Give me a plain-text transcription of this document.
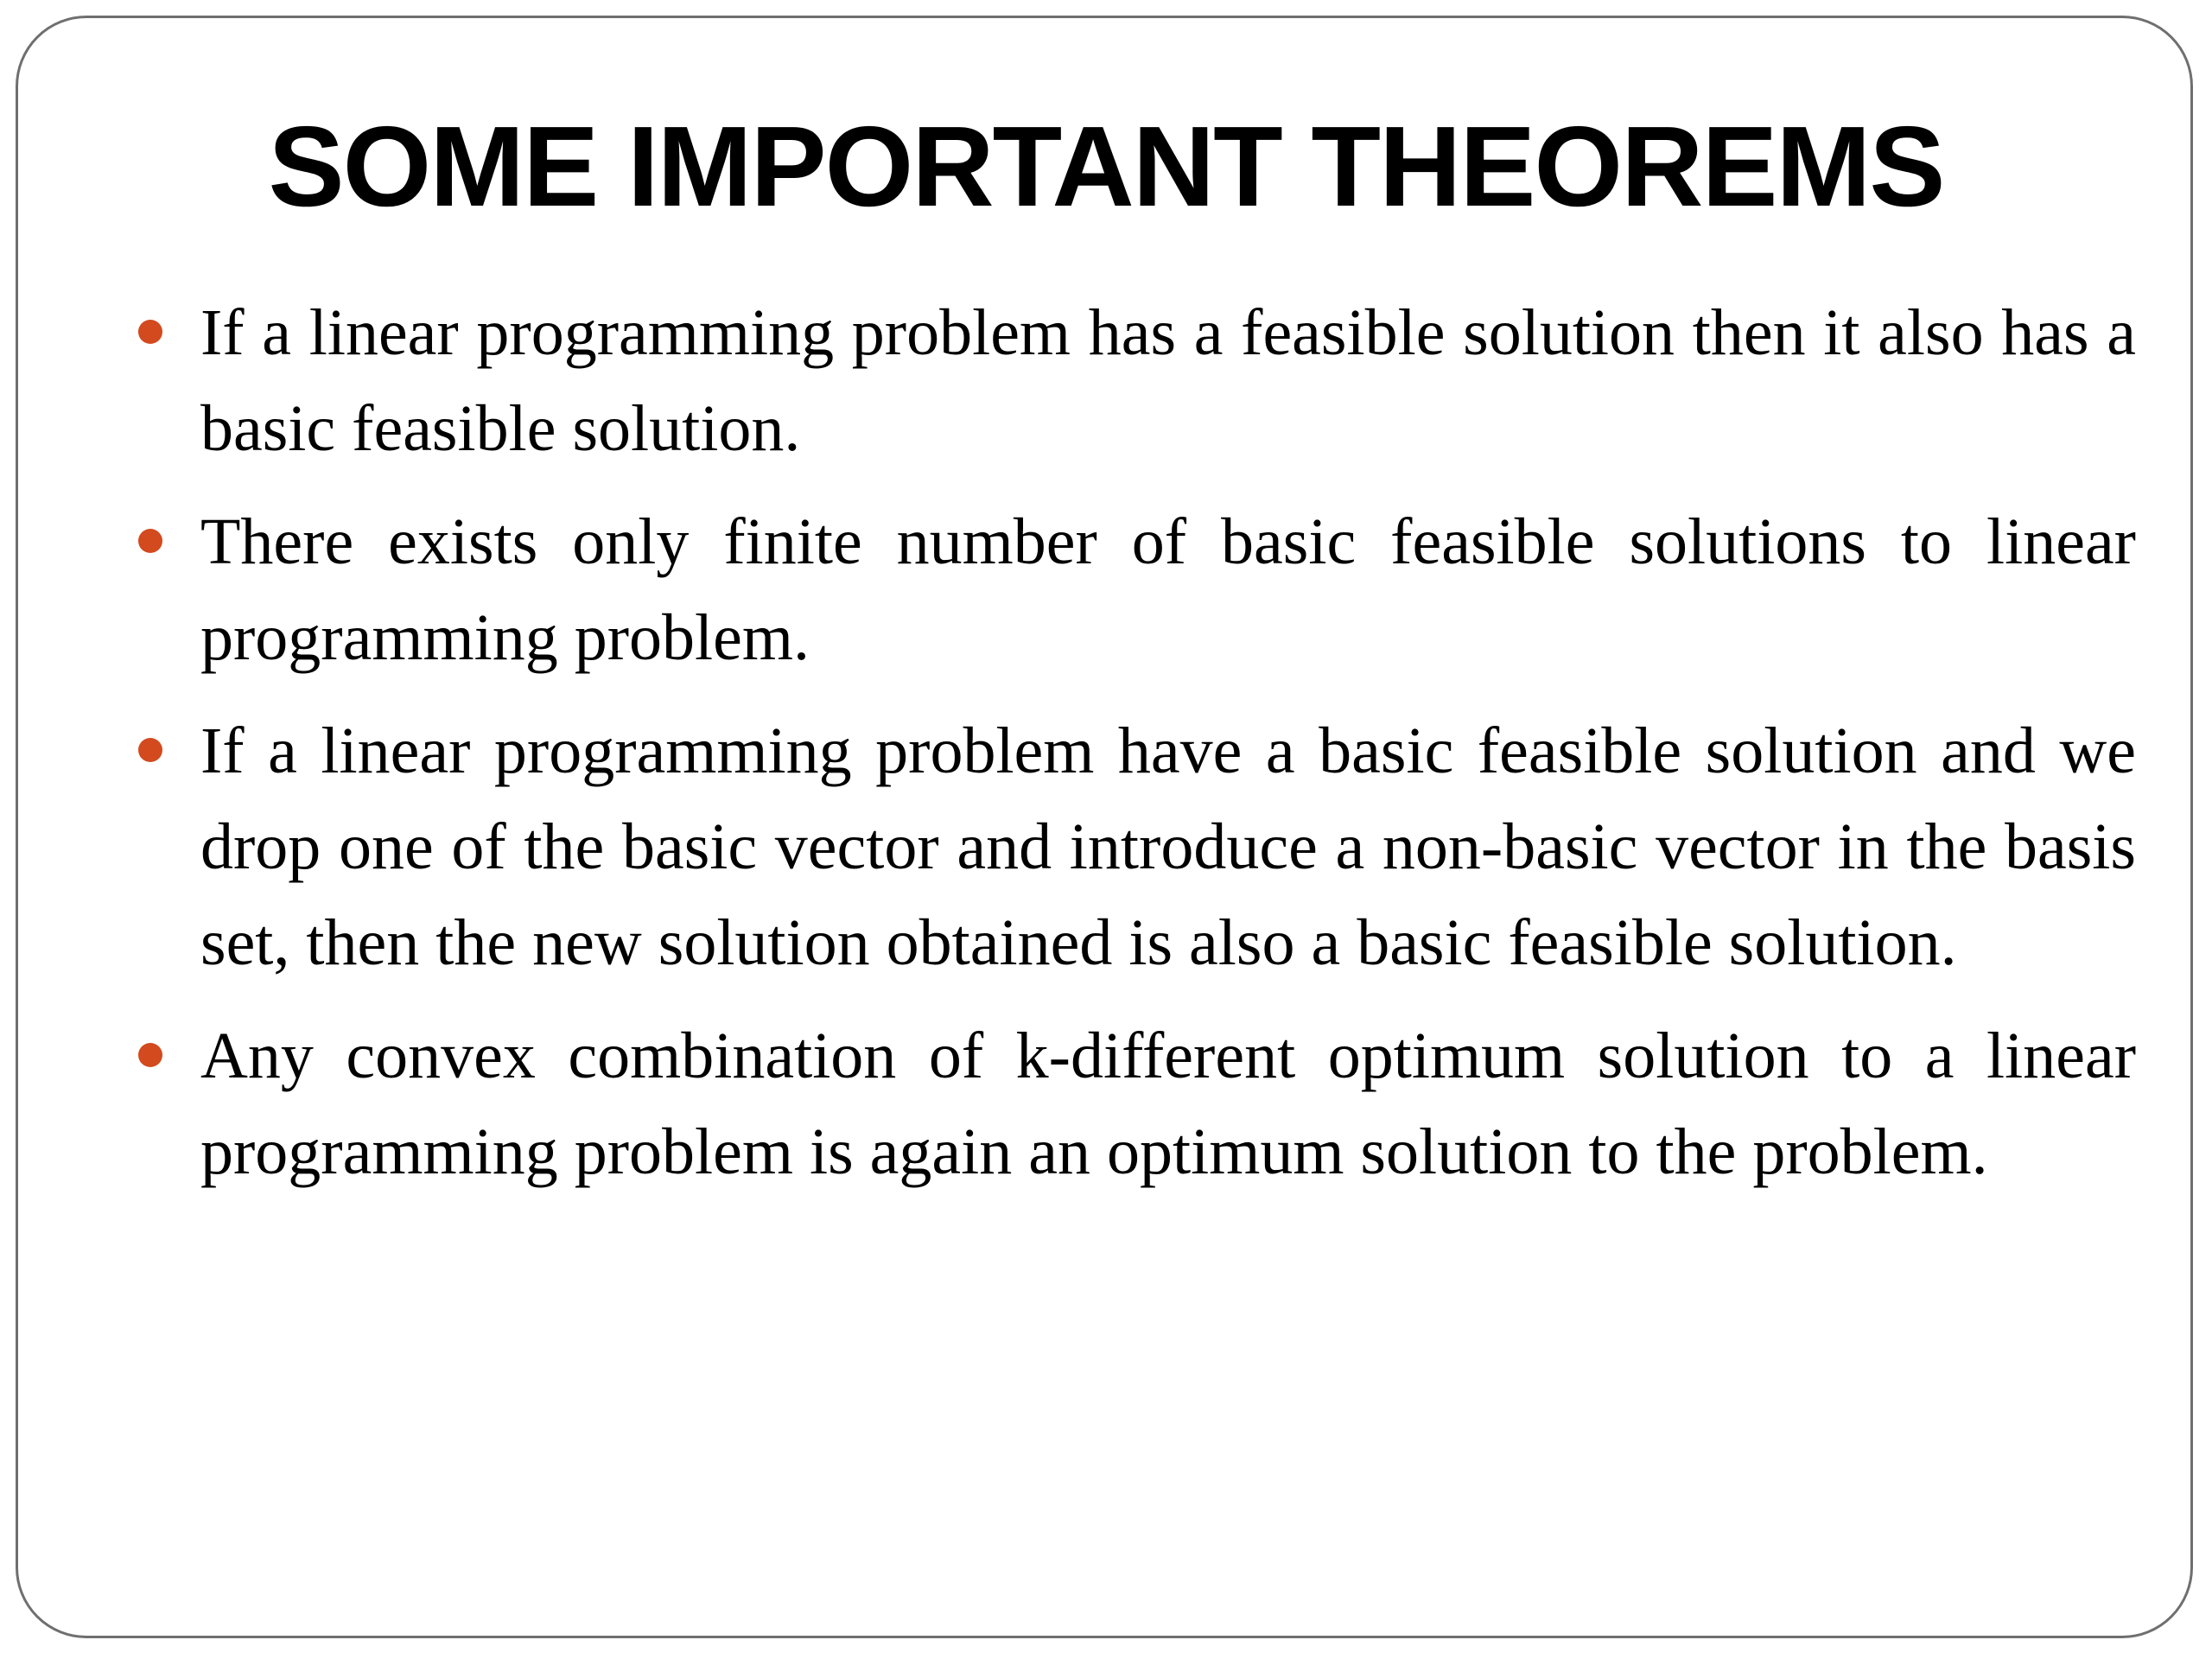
SOME IMPORTANT THEOREMS
If a linear programming problem has a feasible solution then it also has a basic feasible solution.
There exists only finite number of basic feasible solutions to linear programming problem.
If a linear programming problem have a basic feasible solution and we drop one of the basic vector and introduce a non-basic vector in the basis set, then the new solution obtained is also a basic feasible solution.
Any convex combination of k-different optimum solution to a linear programming problem is again an optimum solution to the problem.
